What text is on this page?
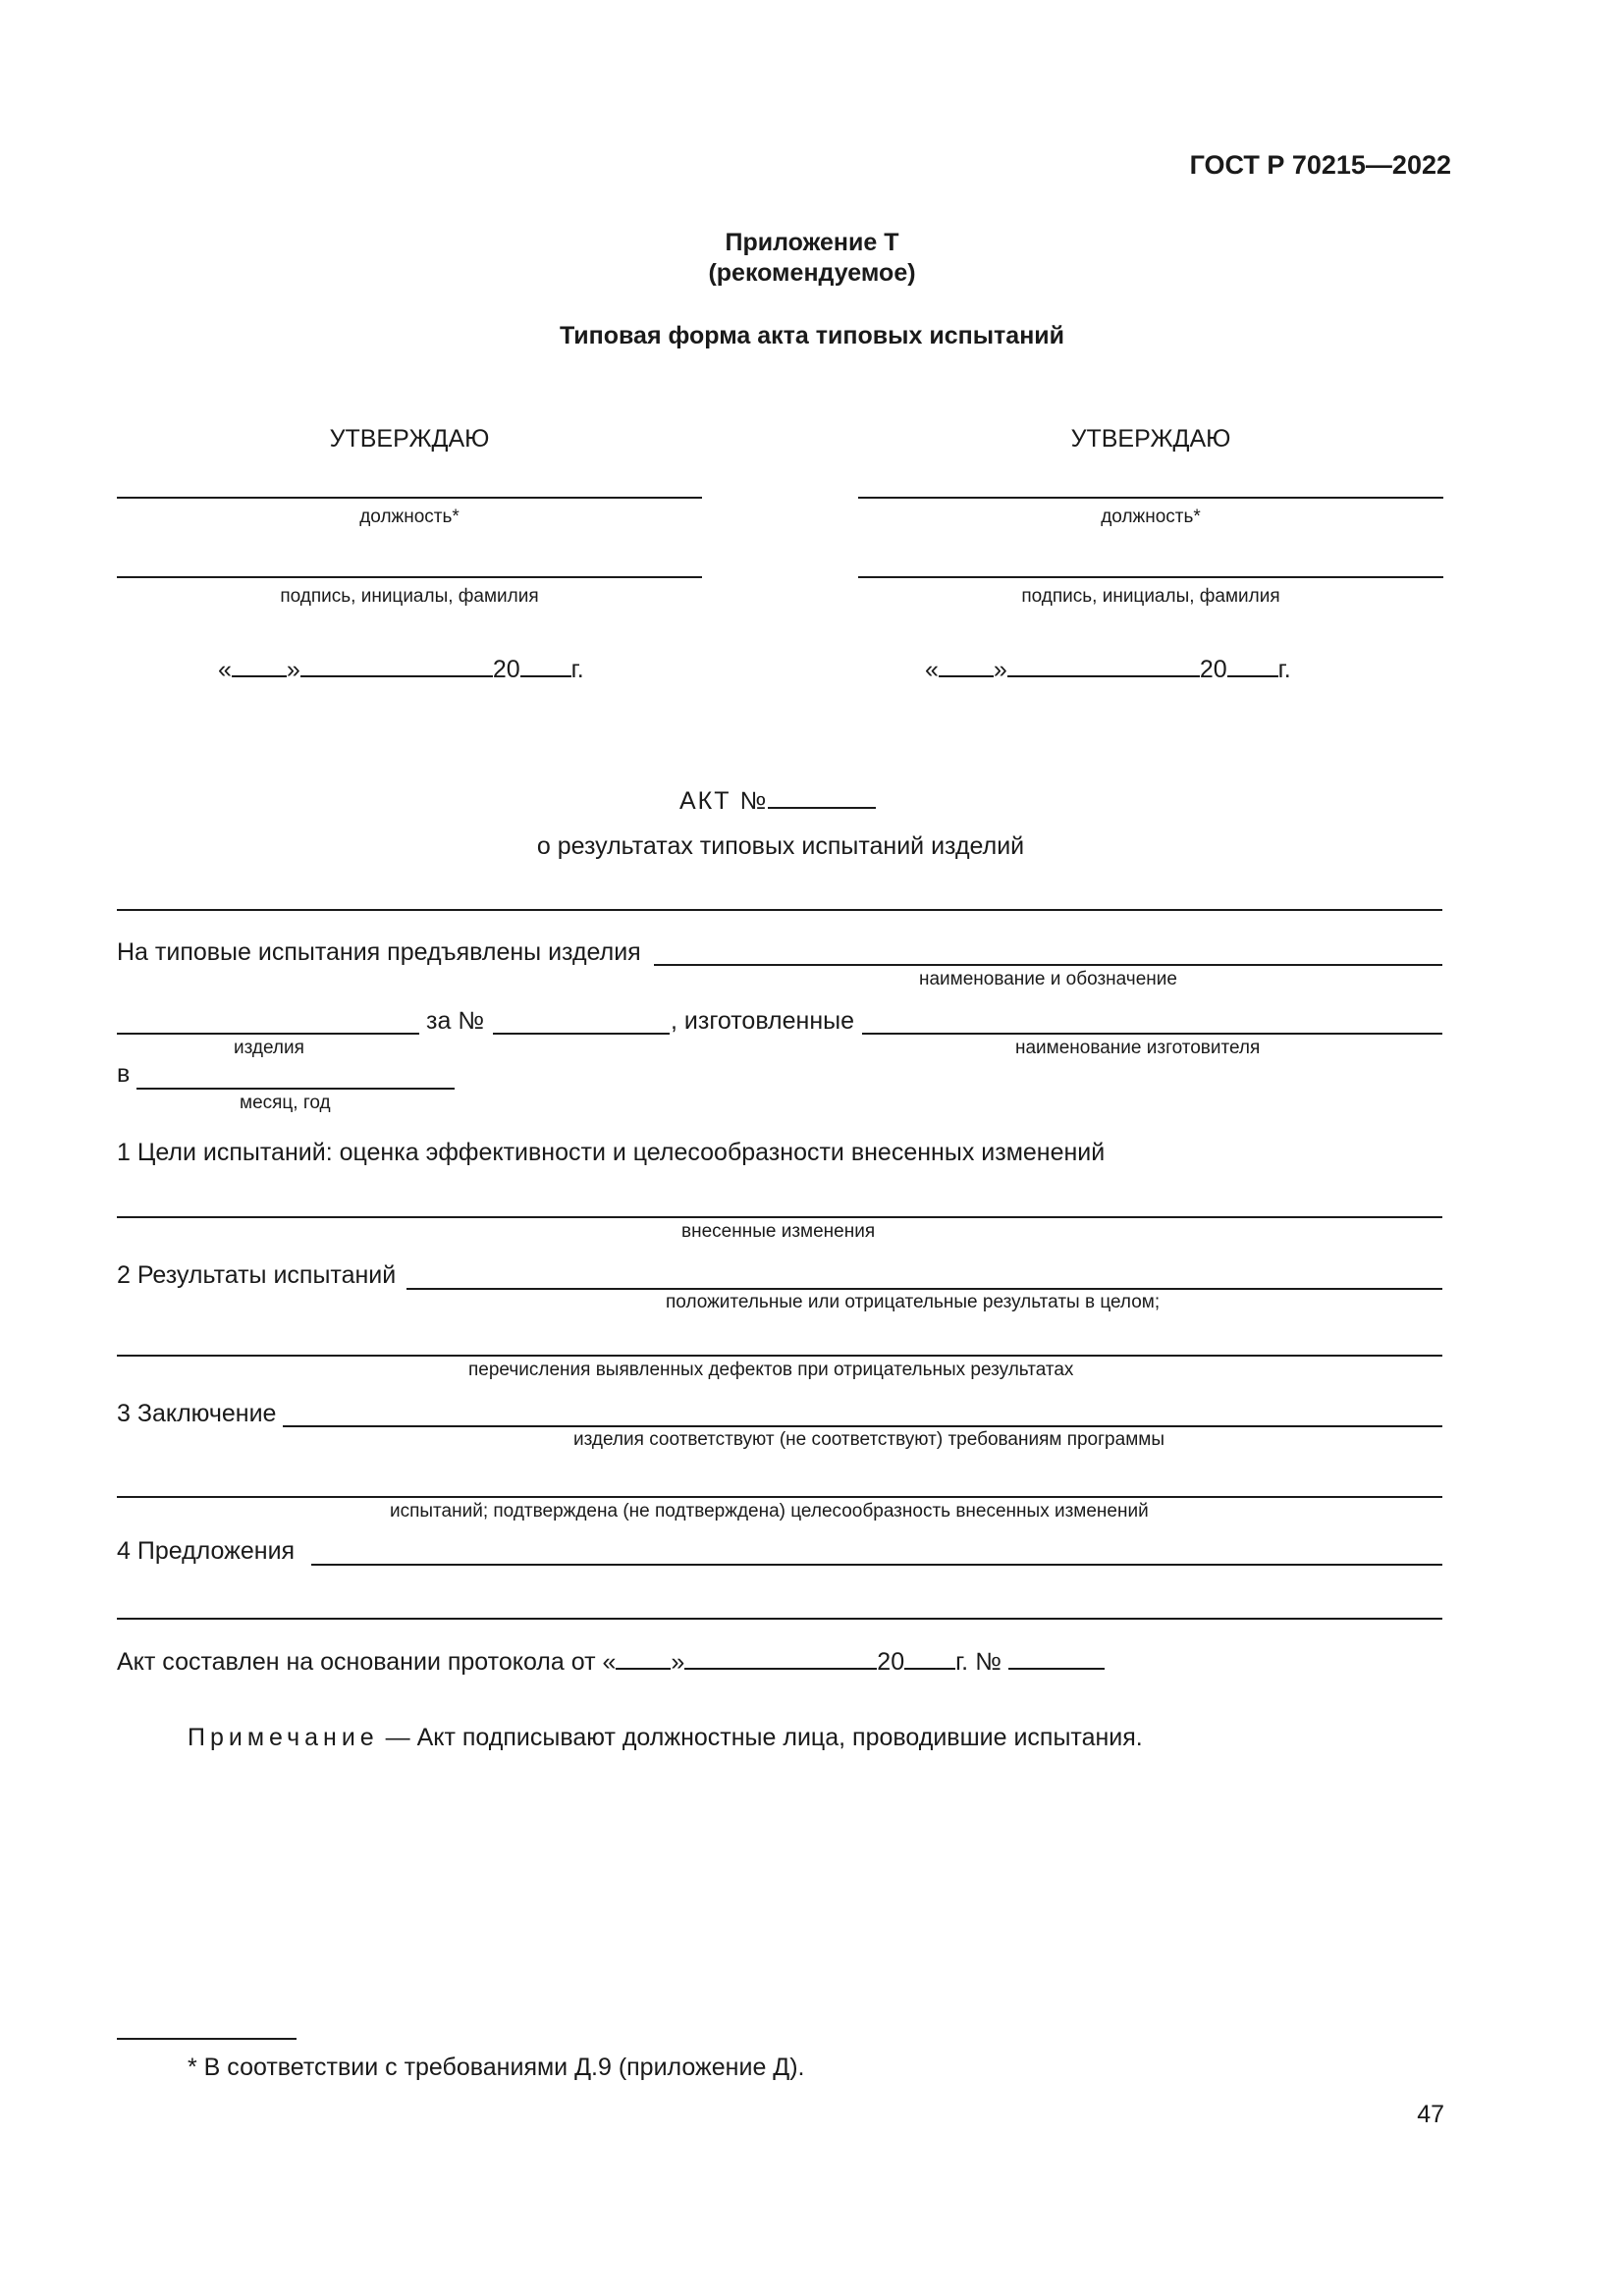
ГОСТ Р 70215—2022
Приложение Т
(рекомендуемое)
Типовая форма акта типовых испытаний
УТВЕРЖДАЮ
должность*
подпись, инициалы, фамилия
« »	20 г.
УТВЕРЖДАЮ
должность*
подпись, инициалы, фамилия
« »	20 г.
АКТ №
о результатах типовых испытаний изделий
На типовые испытания предъявлены изделия
наименование и обозначение
за №	, изготовленные
изделия	наименование изготовителя
в
месяц, год
1 Цели испытаний: оценка эффективности и целесообразности внесенных изменений
внесенные изменения
2 Результаты испытаний
положительные или отрицательные результаты в целом;
перечисления выявленных дефектов при отрицательных результатах
3 Заключение
изделия соответствуют (не соответствуют) требованиям программы
испытаний; подтверждена (не подтверждена) целесообразность внесенных изменений
4 Предложения
Акт составлен на основании протокола от « »	20 г. №
Примечание — Акт подписывают должностные лица, проводившие испытания.
* В соответствии с требованиями Д.9 (приложение Д).
47
